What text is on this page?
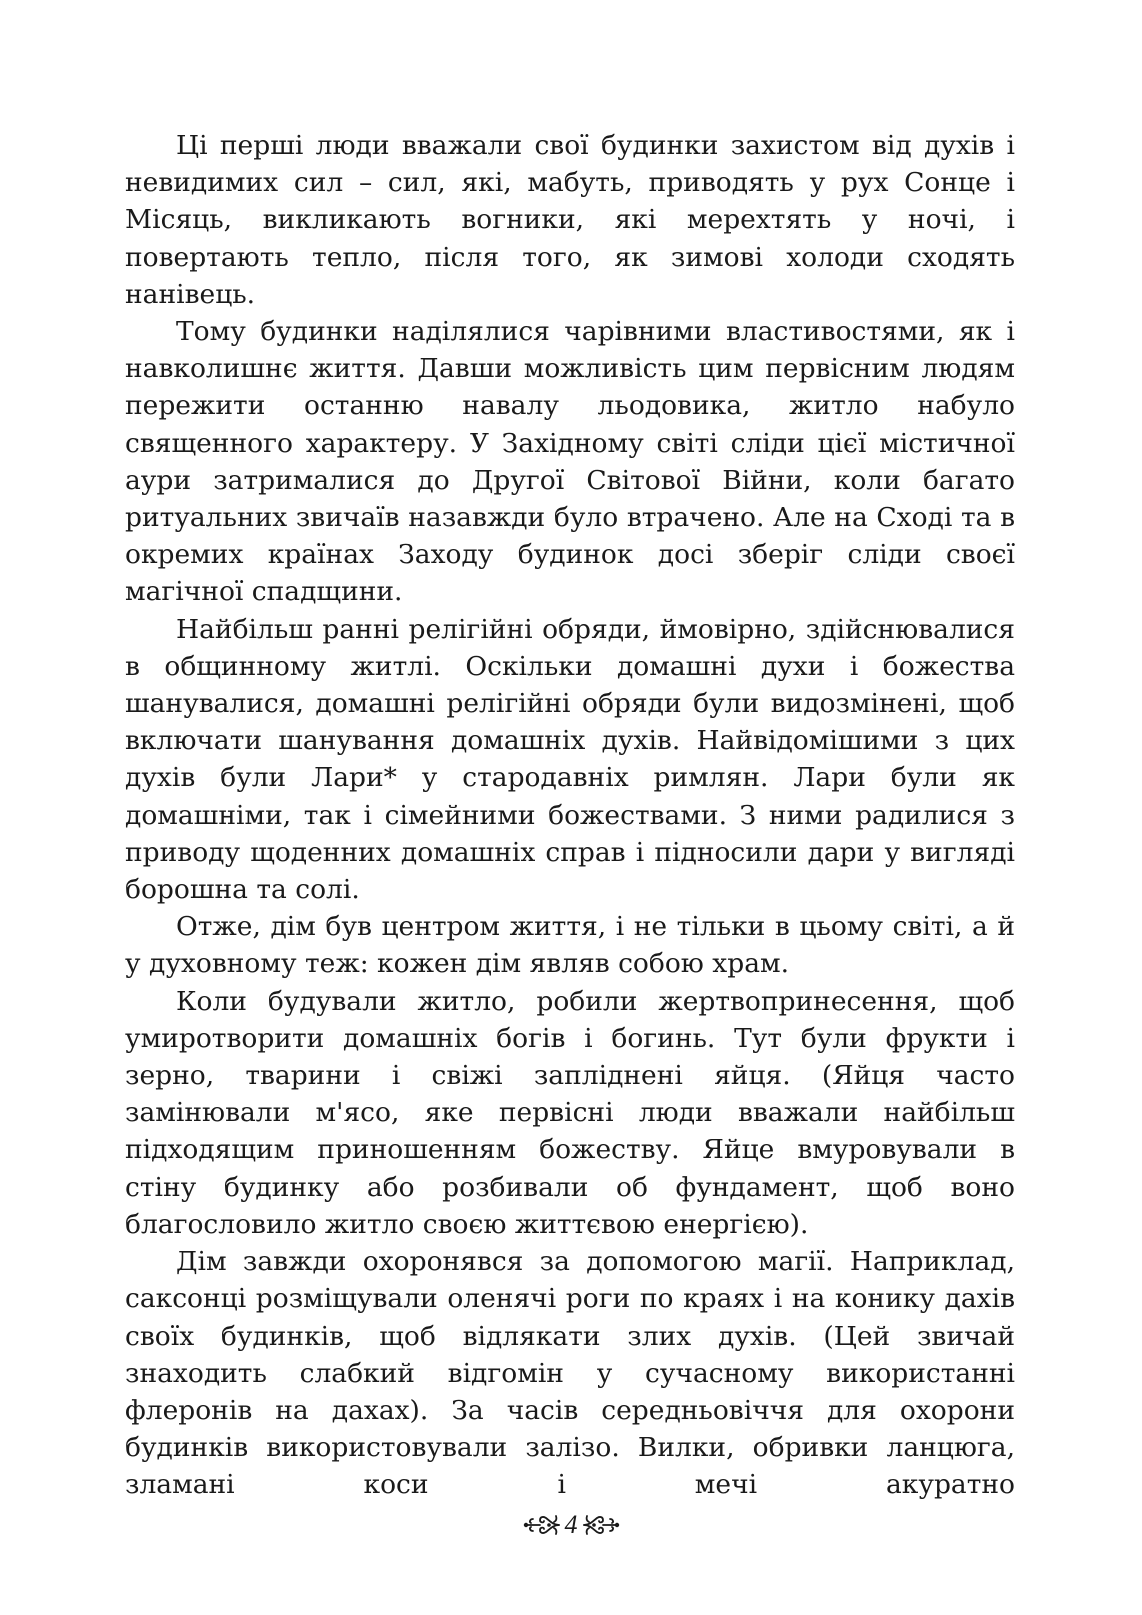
Ці перші люди вважали свої будинки захистом від духів і невидимих сил – сил, які, мабуть, приводять у рух Сонце і Місяць, викликають вогники, які мерехтять у ночі, і повертають тепло, після того, як зимові холоди сходять нанівець.

Тому будинки наділялися чарівними властивостями, як і навколишнє життя. Давши можливість цим первісним людям пережити останню навалу льодовика, житло набуло священного характеру. У Західному світі сліди цієї містичної аури затрималися до Другої Світової Війни, коли багато ритуальних звичаїв назавжди було втрачено. Але на Сході та в окремих країнах Заходу будинок досі зберіг сліди своєї магічної спадщини.

Найбільш ранні релігійні обряди, ймовірно, здійснювалися в общинному житлі. Оскільки домашні духи і божества шанувалися, домашні релігійні обряди були видозмінені, щоб включати шанування домашніх духів. Найвідомішими з цих духів були Лари* у стародавніх римлян. Лари були як домашніми, так і сімейними божествами. З ними радилися з приводу щоденних домашніх справ і підносили дари у вигляді борошна та солі.

Отже, дім був центром життя, і не тільки в цьому світі, а й у духовному теж: кожен дім являв собою храм.

Коли будували житло, робили жертвопринесення, щоб умиротворити домашніх богів і богинь. Тут були фрукти і зерно, тварини і свіжі запліднені яйця. (Яйця часто замінювали м'ясо, яке первісні люди вважали найбільш підходящим приношенням божеству. Яйце вмуровували в стіну будинку або розбивали об фундамент, щоб воно благословило житло своєю життєвою енергією).

Дім завжди охоронявся за допомогою магії. Наприклад, саксонці розміщували оленячі роги по краях і на конику дахів своїх будинків, щоб відлякати злих духів. (Цей звичай знаходить слабкий відгомін у сучасному використанні флеронів на дахах). За часів середньовіччя для охорони будинків використовували залізо. Вилки, обривки ланцюга, зламані коси і мечі акуратно

4
